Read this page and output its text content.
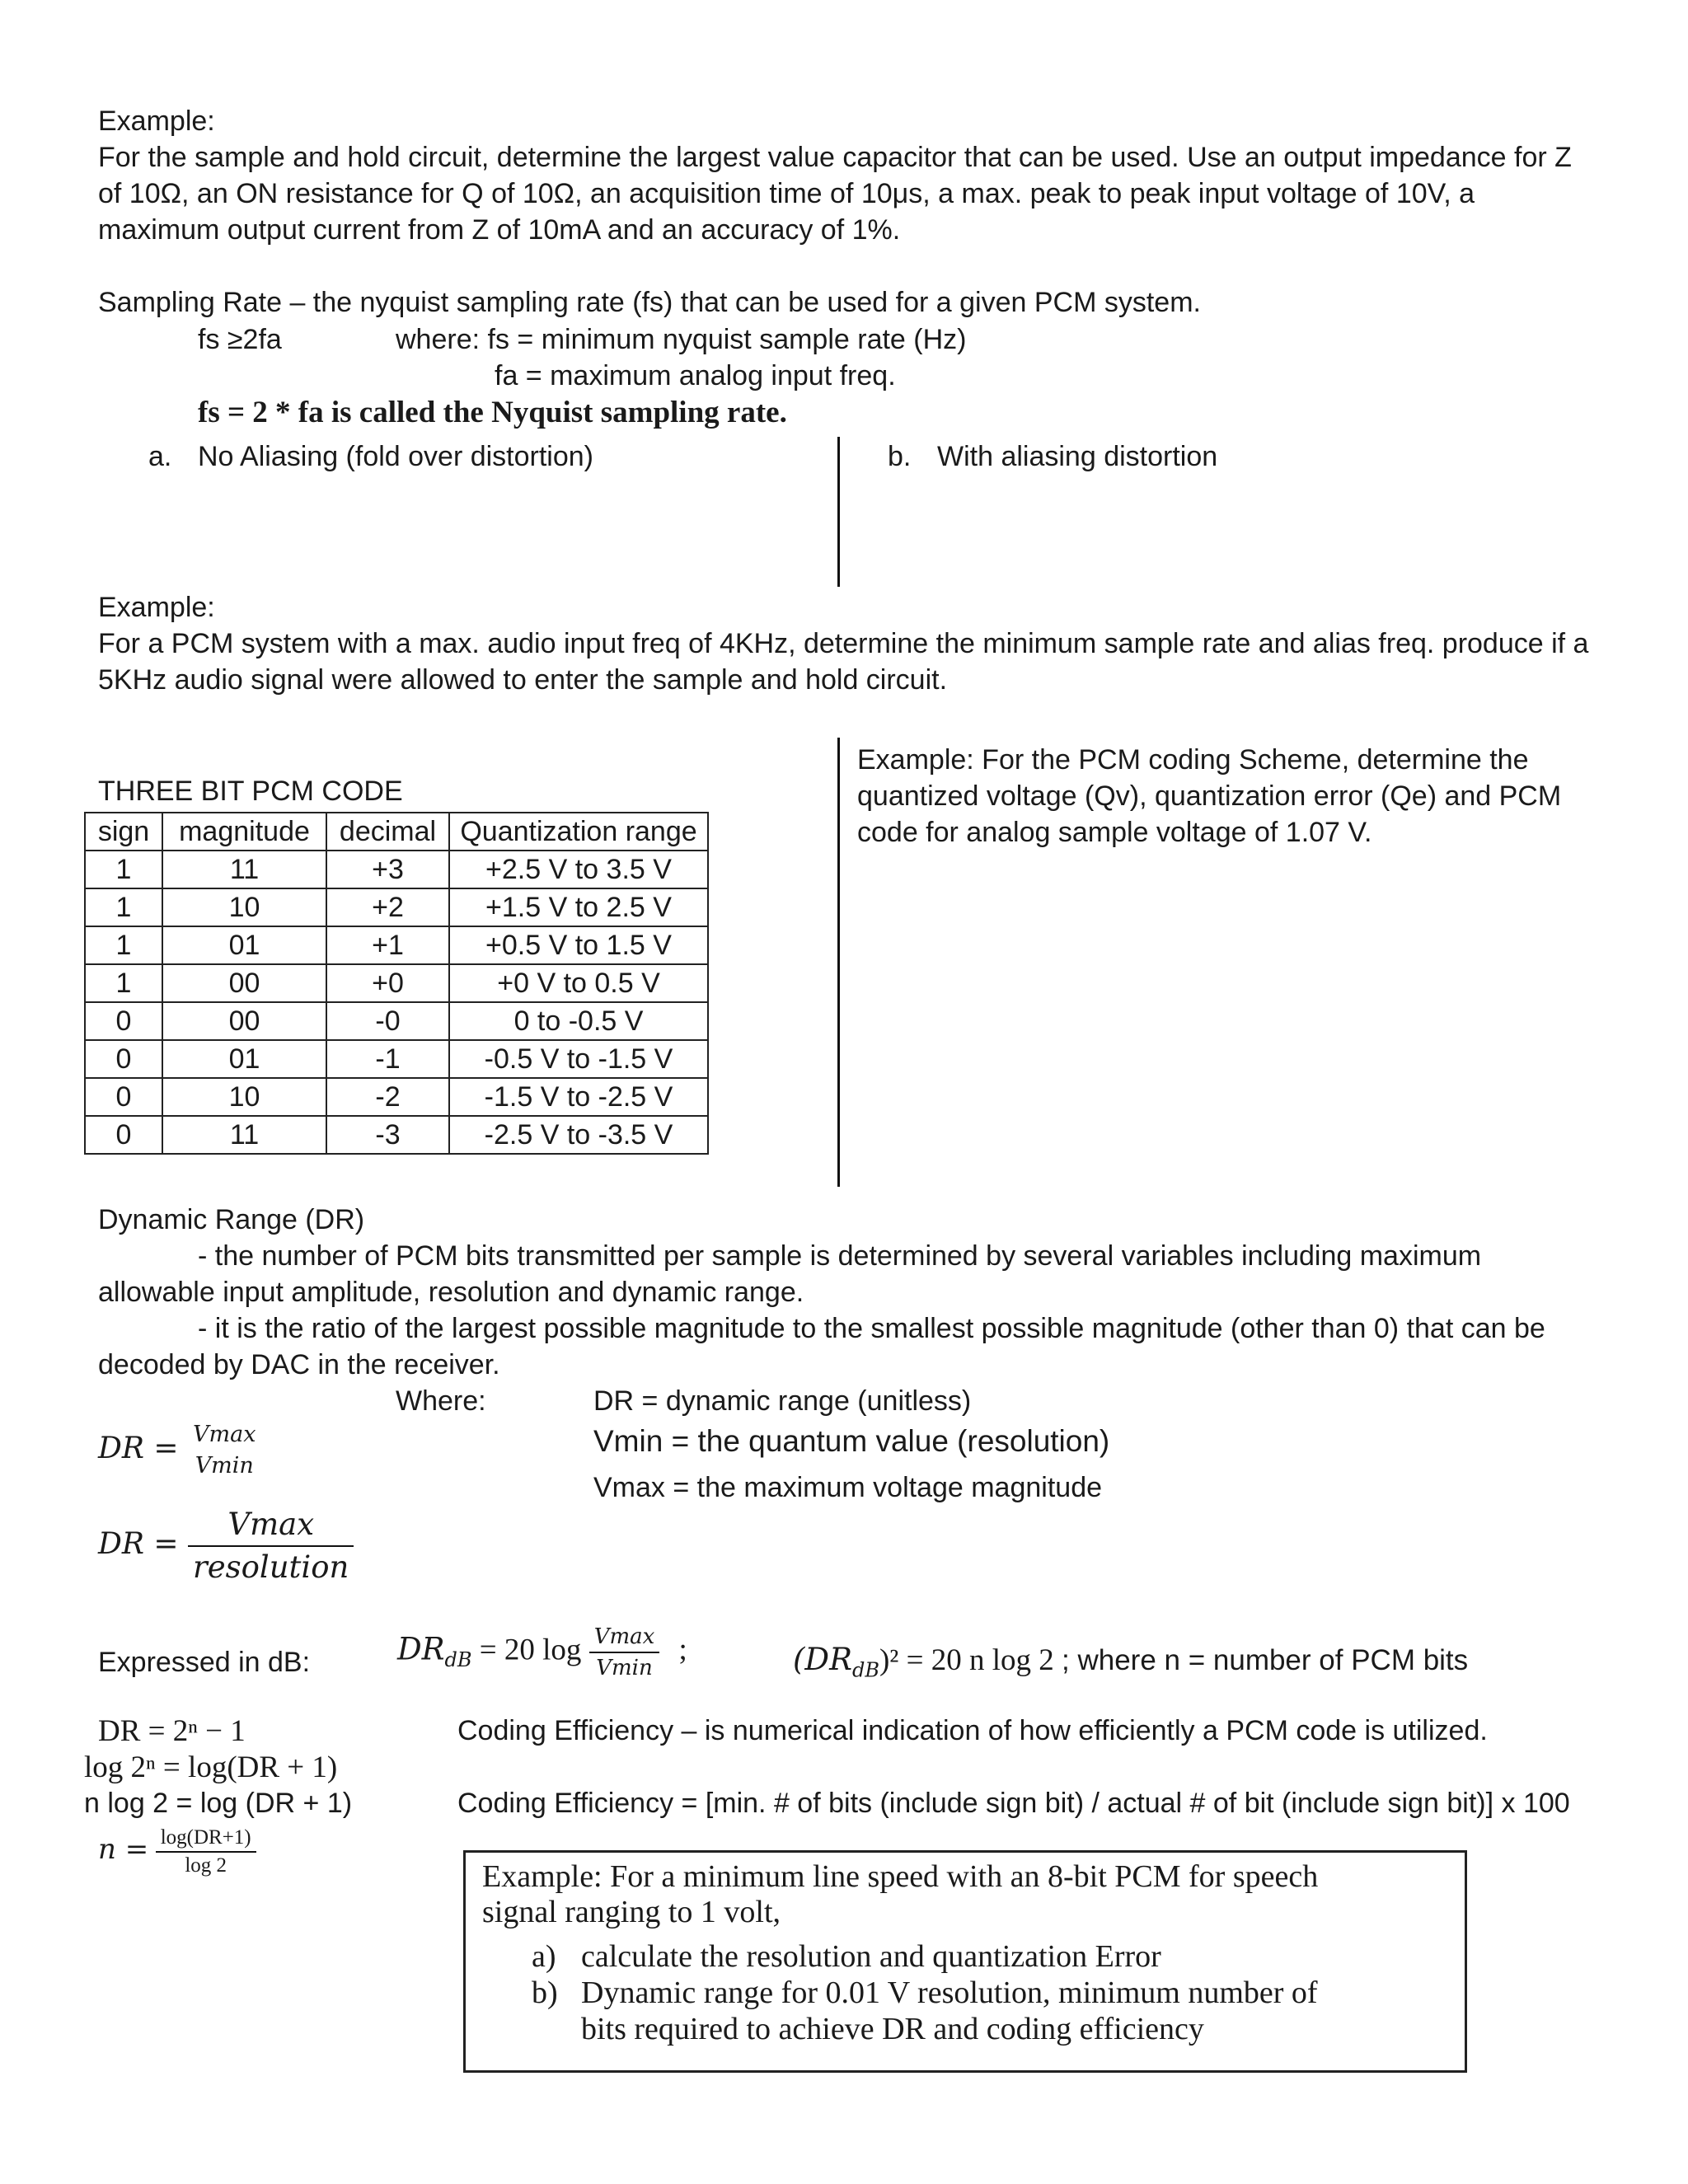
Example:
For the sample and hold circuit, determine the largest value capacitor that can be used. Use an output impedance for Z
of 10Ω, an ON resistance for Q of 10Ω, an acquisition time of 10μs, a max. peak to peak input voltage of 10V, a
maximum output current from Z of 10mA and an accuracy of 1%.
Sampling Rate – the nyquist sampling rate (fs) that can be used for a given PCM system.
fs ≥2fa	where: fs = minimum nyquist sample rate (Hz)
fa = maximum analog input freq.
fs = 2 * fa is called the Nyquist sampling rate.
a. No Aliasing (fold over distortion)	b. With aliasing distortion
Example:
For a PCM system with a max. audio input freq of 4KHz, determine the minimum sample rate and alias freq. produce if a
5KHz audio signal were allowed to enter the sample and hold circuit.
THREE BIT PCM CODE
sign	magnitude	decimal	Quantization range
1	11	+3	+2.5 V to 3.5 V
1	10	+2	+1.5 V to 2.5 V
1	01	+1	+0.5 V to 1.5 V
1	00	+0	+0 V to 0.5 V
0	00	-0	0 to -0.5 V
0	01	-1	-0.5 V to -1.5 V
0	10	-2	-1.5 V to -2.5 V
0	11	-3	-2.5 V to -3.5 V
Example: For the PCM coding Scheme, determine the
quantized voltage (Qv), quantization error (Qe) and PCM
code for analog sample voltage of 1.07 V.
Dynamic Range (DR)
- the number of PCM bits transmitted per sample is determined by several variables including maximum
allowable input amplitude, resolution and dynamic range.
- it is the ratio of the largest possible magnitude to the smallest possible magnitude (other than 0) that can be
decoded by DAC in the receiver.
Where:	DR = dynamic range (unitless)
Vmin = the quantum value (resolution)
Vmax = the maximum voltage magnitude
DR = Vmax
Vmin
DR = $\frac{Vmax}{\text{resolution}}$
Expressed in dB:	$DR_{dB} = 20$ $\log \frac{Vmax}{Vmin}$ ;	$(DR_{dB})^2 = 20$ n log 2 ; where n = number of PCM bits
DR = 2ⁿ − 1
log 2ⁿ = log(DR + 1)
n log 2 = log (DR + 1)
$n = \frac{\log(DR+1)}{\log 2}$
Coding Efficiency – is numerical indication of how efficiently a PCM code is utilized.
Coding Efficiency = [min. # of bits (include sign bit) / actual # of bit (include sign bit)] x 100
Example: For a minimum line speed with an 8-bit PCM for speech
signal ranging to 1 volt,
a) calculate the resolution and quantization Error
b) Dynamic range for 0.01 V resolution, minimum number of
bits required to achieve DR and coding efficiency
